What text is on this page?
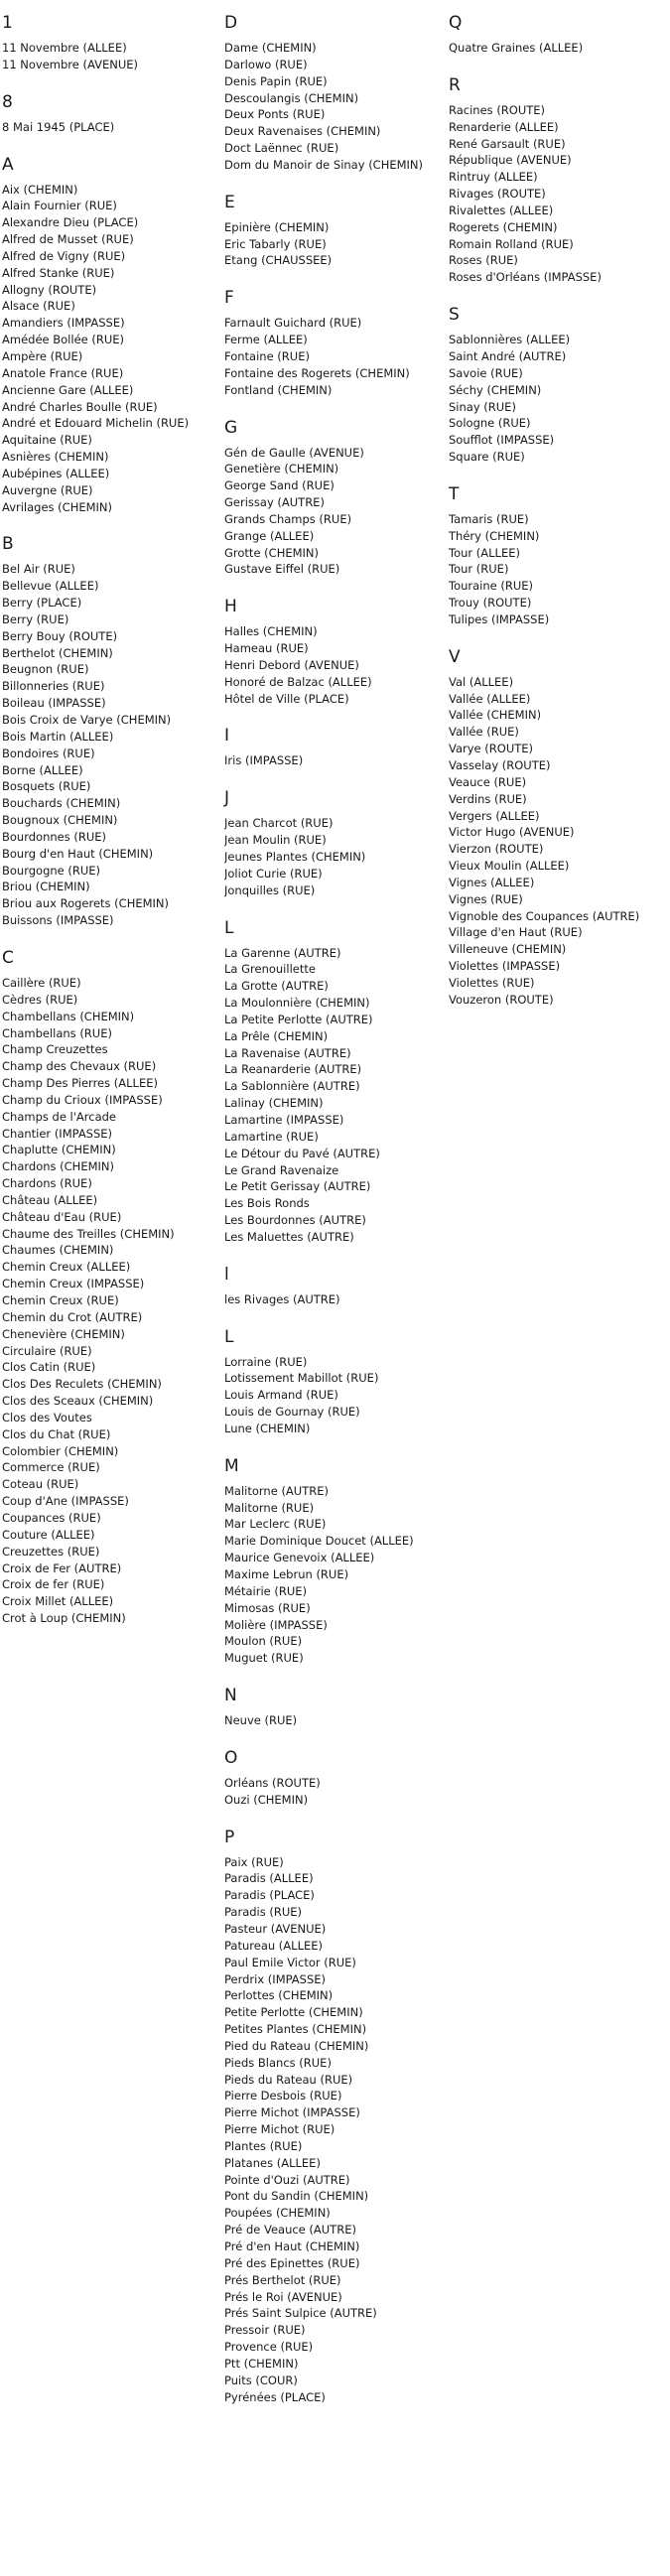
1
11 Novembre (ALLEE)
11 Novembre (AVENUE)
8
8 Mai 1945 (PLACE)
A
Aix (CHEMIN)
Alain Fournier (RUE)
Alexandre Dieu (PLACE)
Alfred de Musset (RUE)
Alfred de Vigny (RUE)
Alfred Stanke (RUE)
Allogny (ROUTE)
Alsace (RUE)
Amandiers (IMPASSE)
Amédée Bollée (RUE)
Ampère (RUE)
Anatole France (RUE)
Ancienne Gare (ALLEE)
André Charles Boulle (RUE)
André et Edouard Michelin (RUE)
Aquitaine (RUE)
Asnières (CHEMIN)
Aubépines (ALLEE)
Auvergne (RUE)
Avrilages (CHEMIN)
B
Bel Air (RUE)
Bellevue (ALLEE)
Berry (PLACE)
Berry (RUE)
Berry Bouy (ROUTE)
Berthelot (CHEMIN)
Beugnon (RUE)
Billonneries (RUE)
Boileau (IMPASSE)
Bois Croix de Varye (CHEMIN)
Bois Martin (ALLEE)
Bondoires (RUE)
Borne (ALLEE)
Bosquets (RUE)
Bouchards (CHEMIN)
Bougnoux (CHEMIN)
Bourdonnes (RUE)
Bourg d'en Haut (CHEMIN)
Bourgogne (RUE)
Briou (CHEMIN)
Briou aux Rogerets (CHEMIN)
Buissons (IMPASSE)
C
Caillère (RUE)
Cèdres (RUE)
Chambellans (CHEMIN)
Chambellans (RUE)
Champ Creuzettes
Champ des Chevaux (RUE)
Champ Des Pierres (ALLEE)
Champ du Crioux (IMPASSE)
Champs de l'Arcade
Chantier (IMPASSE)
Chaplutte (CHEMIN)
Chardons (CHEMIN)
Chardons (RUE)
Château (ALLEE)
Château d'Eau (RUE)
Chaume des Treilles (CHEMIN)
Chaumes (CHEMIN)
Chemin Creux (ALLEE)
Chemin Creux (IMPASSE)
Chemin Creux (RUE)
Chemin du Crot (AUTRE)
Chenevière (CHEMIN)
Circulaire (RUE)
Clos Catin (RUE)
Clos Des Reculets (CHEMIN)
Clos des Sceaux (CHEMIN)
Clos des Voutes
Clos du Chat (RUE)
Colombier (CHEMIN)
Commerce (RUE)
Coteau (RUE)
Coup d'Ane (IMPASSE)
Coupances (RUE)
Couture (ALLEE)
Creuzettes (RUE)
Croix de Fer (AUTRE)
Croix de fer (RUE)
Croix Millet (ALLEE)
Crot à Loup (CHEMIN)
D
Dame (CHEMIN)
Darlowo (RUE)
Denis Papin (RUE)
Descoulangis (CHEMIN)
Deux Ponts (RUE)
Deux Ravenaises (CHEMIN)
Doct Laënnec (RUE)
Dom du Manoir de Sinay (CHEMIN)
E
Epinière (CHEMIN)
Eric Tabarly (RUE)
Etang (CHAUSSEE)
F
Farnault Guichard (RUE)
Ferme (ALLEE)
Fontaine (RUE)
Fontaine des Rogerets (CHEMIN)
Fontland (CHEMIN)
G
Gén de Gaulle (AVENUE)
Genetière (CHEMIN)
George Sand (RUE)
Gerissay (AUTRE)
Grands Champs (RUE)
Grange (ALLEE)
Grotte (CHEMIN)
Gustave Eiffel (RUE)
H
Halles (CHEMIN)
Hameau (RUE)
Henri Debord (AVENUE)
Honoré de Balzac (ALLEE)
Hôtel de Ville (PLACE)
I
Iris (IMPASSE)
J
Jean Charcot (RUE)
Jean Moulin (RUE)
Jeunes Plantes (CHEMIN)
Joliot Curie (RUE)
Jonquilles (RUE)
L
La Garenne (AUTRE)
La Grenouillette
La Grotte (AUTRE)
La Moulonnière (CHEMIN)
La Petite Perlotte (AUTRE)
La Prêle (CHEMIN)
La Ravenaise (AUTRE)
La Reanarderie (AUTRE)
La Sablonnière (AUTRE)
Lalinay (CHEMIN)
Lamartine (IMPASSE)
Lamartine (RUE)
Le Détour du Pavé (AUTRE)
Le Grand Ravenaize
Le Petit Gerissay (AUTRE)
Les Bois Ronds
Les Bourdonnes (AUTRE)
Les Maluettes (AUTRE)
l
les Rivages (AUTRE)
L
Lorraine (RUE)
Lotissement Mabillot (RUE)
Louis Armand (RUE)
Louis de Gournay (RUE)
Lune (CHEMIN)
M
Malitorne (AUTRE)
Malitorne (RUE)
Mar Leclerc (RUE)
Marie Dominique Doucet (ALLEE)
Maurice Genevoix (ALLEE)
Maxime Lebrun (RUE)
Métairie (RUE)
Mimosas (RUE)
Molière (IMPASSE)
Moulon (RUE)
Muguet (RUE)
N
Neuve (RUE)
O
Orléans (ROUTE)
Ouzi (CHEMIN)
P
Paix (RUE)
Paradis (ALLEE)
Paradis (PLACE)
Paradis (RUE)
Pasteur (AVENUE)
Patureau (ALLEE)
Paul Emile Victor (RUE)
Perdrix (IMPASSE)
Perlottes (CHEMIN)
Petite Perlotte (CHEMIN)
Petites Plantes (CHEMIN)
Pied du Rateau (CHEMIN)
Pieds Blancs (RUE)
Pieds du Rateau (RUE)
Pierre Desbois (RUE)
Pierre Michot (IMPASSE)
Pierre Michot (RUE)
Plantes (RUE)
Platanes (ALLEE)
Pointe d'Ouzi (AUTRE)
Pont du Sandin (CHEMIN)
Poupées (CHEMIN)
Pré de Veauce (AUTRE)
Pré d'en Haut (CHEMIN)
Pré des Epinettes (RUE)
Prés Berthelot (RUE)
Prés le Roi (AVENUE)
Prés Saint Sulpice (AUTRE)
Pressoir (RUE)
Provence (RUE)
Ptt (CHEMIN)
Puits (COUR)
Pyrénées (PLACE)
Q
Quatre Graines (ALLEE)
R
Racines (ROUTE)
Renarderie (ALLEE)
René Garsault (RUE)
République (AVENUE)
Rintruy (ALLEE)
Rivages (ROUTE)
Rivalettes (ALLEE)
Rogerets (CHEMIN)
Romain Rolland (RUE)
Roses (RUE)
Roses d'Orléans (IMPASSE)
S
Sablonnières (ALLEE)
Saint André (AUTRE)
Savoie (RUE)
Séchy (CHEMIN)
Sinay (RUE)
Sologne (RUE)
Soufflot (IMPASSE)
Square (RUE)
T
Tamaris (RUE)
Théry (CHEMIN)
Tour (ALLEE)
Tour (RUE)
Touraine (RUE)
Trouy (ROUTE)
Tulipes (IMPASSE)
V
Val (ALLEE)
Vallée (ALLEE)
Vallée (CHEMIN)
Vallée (RUE)
Varye (ROUTE)
Vasselay (ROUTE)
Veauce (RUE)
Verdins (RUE)
Vergers (ALLEE)
Victor Hugo (AVENUE)
Vierzon (ROUTE)
Vieux Moulin (ALLEE)
Vignes (ALLEE)
Vignes (RUE)
Vignoble des Coupances (AUTRE)
Village d'en Haut (RUE)
Villeneuve (CHEMIN)
Violettes (IMPASSE)
Violettes (RUE)
Vouzeron (ROUTE)
